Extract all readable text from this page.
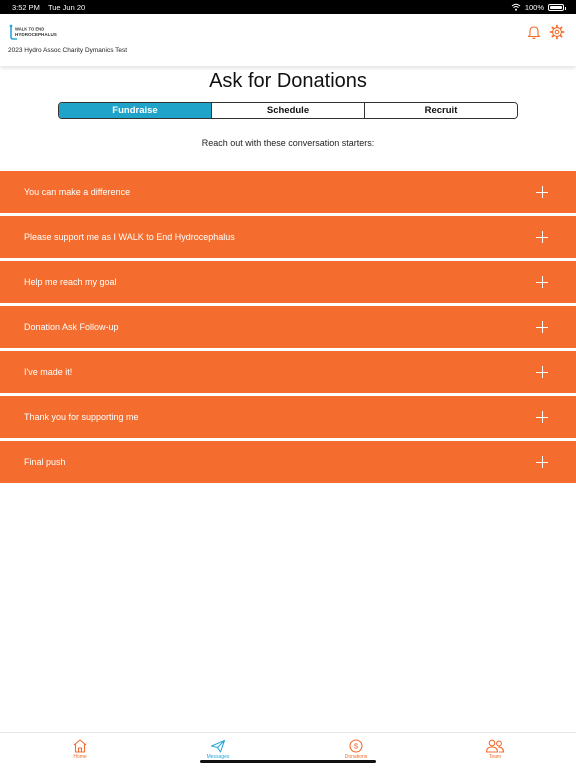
3:52 PM Tue Jun 20	100%
WALK TO END
HYDROCEPHALUS
2023 Hydro Assoc Charity Dymanics Test
Ask for Donations
Fundraise	Schedule	Recruit
Reach out with these conversation starters:
You can make a difference
Please support me as I WALK to End Hydrocephalus
Help me reach my goal
Donation Ask Follow-up
I've made it!
Thank you for supporting me
Final push
Home	Messages
$
Donations	Team
